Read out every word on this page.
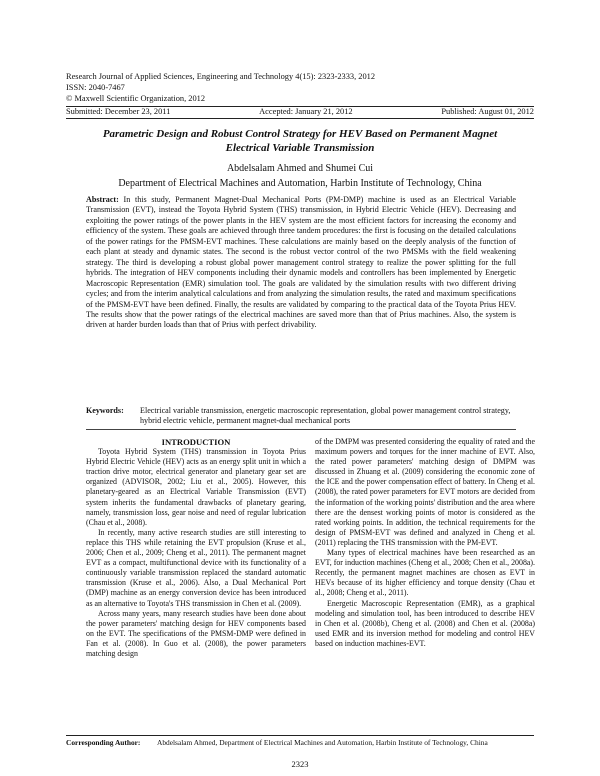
Research Journal of Applied Sciences, Engineering and Technology 4(15): 2323-2333, 2012
ISSN: 2040-7467
© Maxwell Scientific Organization, 2012
Submitted: December 23, 2011	Accepted: January 21, 2012	Published: August 01, 2012
Parametric Design and Robust Control Strategy for HEV Based on Permanent Magnet Electrical Variable Transmission
Abdelsalam Ahmed and Shumei Cui
Department of Electrical Machines and Automation, Harbin Institute of Technology, China
Abstract: In this study, Permanent Magnet-Dual Mechanical Ports (PM-DMP) machine is used as an Electrical Variable Transmission (EVT), instead the Toyota Hybrid System (THS) transmission, in Hybrid Electric Vehicle (HEV). Decreasing and exploiting the power ratings of the power plants in the HEV system are the most efficient factors for increasing the economy and efficiency of the system. These goals are achieved through three tandem procedures: the first is focusing on the detailed calculations of the power ratings for the PMSM-EVT machines. These calculations are mainly based on the deeply analysis of the function of each plant at steady and dynamic states. The second is the robust vector control of the two PMSMs with the field weakening strategy. The third is developing a robust global power management control strategy to realize the power splitting for the full hybrids. The integration of HEV components including their dynamic models and controllers has been implemented by Energetic Macroscopic Representation (EMR) simulation tool. The goals are validated by the simulation results with two different driving cycles; and from the interim analytical calculations and from analyzing the simulation results, the rated and maximum specifications of the PMSM-EVT have been defined. Finally, the results are validated by comparing to the practical data of the Toyota Prius HEV. The results show that the power ratings of the electrical machines are saved more than that of Prius machines. Also, the system is driven at harder burden loads than that of Prius with perfect drivability.
Keywords:	Electrical variable transmission, energetic macroscopic representation, global power management control strategy, hybrid electric vehicle, permanent magnet-dual mechanical ports

INTRODUCTION

Toyota Hybrid System (THS) transmission in Toyota Prius Hybrid Electric Vehicle (HEV) acts as an energy split unit in which a traction drive motor, electrical generator and planetary gear set are organized (ADVISOR, 2002; Liu et al., 2005). However, this planetary-geared as an Electrical Variable Transmission (EVT) system inherits the fundamental drawbacks of planetary gearing, namely, transmission loss, gear noise and need of regular lubrication (Chau et al., 2008).

In recently, many active research studies are still interesting to replace this THS while retaining the EVT propulsion (Kruse et al., 2006; Chen et al., 2009; Cheng et al., 2011). The permanent magnet EVT as a compact, multifunctional device with its functionality of a continuously variable transmission replaced the standard automatic transmission (Kruse et al., 2006). Also, a Dual Mechanical Port (DMP) machine as an energy conversion device has been introduced as an alternative to Toyota's THS transmission in Chen et al. (2009).

Across many years, many research studies have been done about the power parameters' matching design for HEV components based on the EVT. The specifications of the PMSM-DMP were defined in Fan et al. (2008). In Guo et al. (2008), the power parameters matching design

of the DMPM was presented considering the equality of rated and the maximum powers and torques for the inner machine of EVT. Also, the rated power parameters' matching design of DMPM was discussed in Zhuang et al. (2009) considering the economic zone of the ICE and the power compensation effect of battery. In Cheng et al. (2008), the rated power parameters for EVT motors are decided from the information of the working points' distribution and the area where there are the densest working points of motor is considered as the rated working points. In addition, the technical requirements for the design of PMSM-EVT was defined and analyzed in Cheng et al. (2011) replacing the THS transmission with the PM-EVT.

Many types of electrical machines have been researched as an EVT, for induction machines (Cheng et al., 2008; Chen et al., 2008a). Recently, the permanent magnet machines are chosen as EVT in HEVs because of its higher efficiency and torque density (Chau et al., 2008; Cheng et al., 2011).

Energetic Macroscopic Representation (EMR), as a graphical modeling and simulation tool, has been introduced to describe HEV in Chen et al. (2008b), Cheng et al. (2008) and Chen et al. (2008a) used EMR and its inversion method for modeling and control HEV based on induction machines-EVT.

Corresponding Author:	Abdelsalam Ahmed, Department of Electrical Machines and Automation, Harbin Institute of Technology, China
2323
